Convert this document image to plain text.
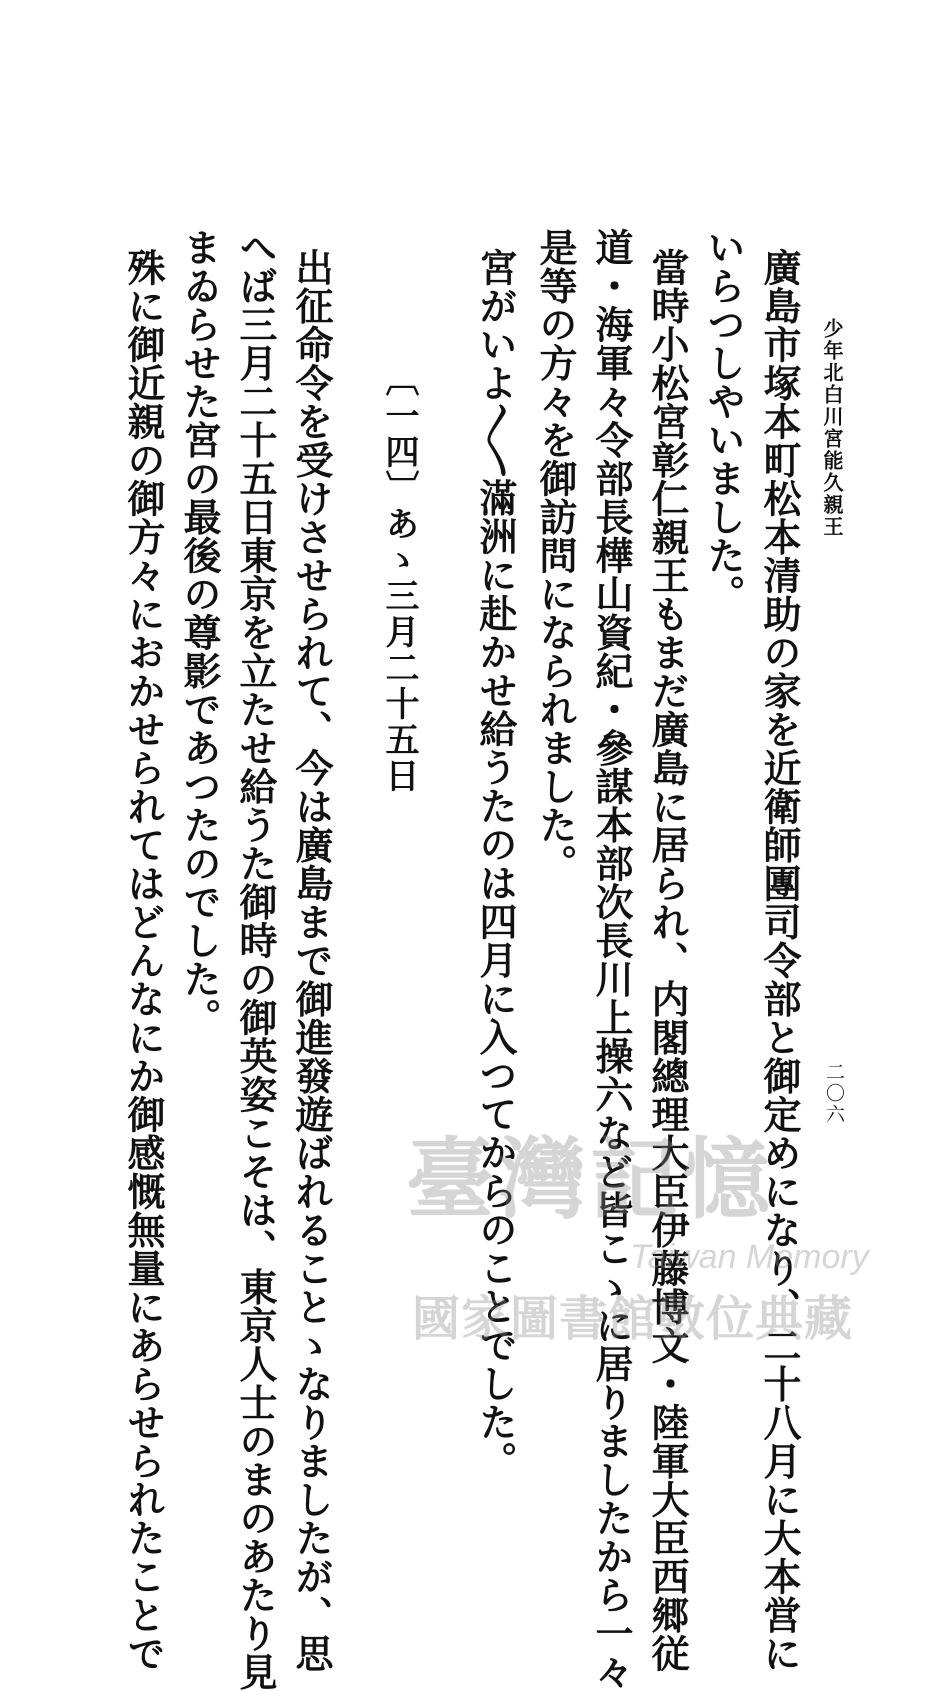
少年北白川宮能久親王
二〇六
廣島市塚本町松本清助の家を近衛師團司令部と御定めになり、二十八月に大本営に
いらつしやいました。
當時小松宮彰仁親王もまだ廣島に居られ、内閣總理大臣伊藤博文・陸軍大臣西郷従
道・海軍々令部長樺山資紀・參謀本部次長川上操六など皆こゝに居りましたから一々
是等の方々を御訪問になられました。
宮がいよ〳〵滿洲に赴かせ給うたのは四月に入つてからのことでした。
〔一四〕あゝ三月二十五日
出征命令を受けさせられて、今は廣島まで御進發遊ばれることゝなりましたが、思
へば三月二十五日東京を立たせ給うた御時の御英姿こそは、東京人士のまのあたり見
まゐらせた宮の最後の尊影であつたのでした。
殊に御近親の御方々におかせられてはどんなにか御感慨無量にあらせられたことで	臺灣記憶
Taiwan Memory
國家圖書館數位典藏
